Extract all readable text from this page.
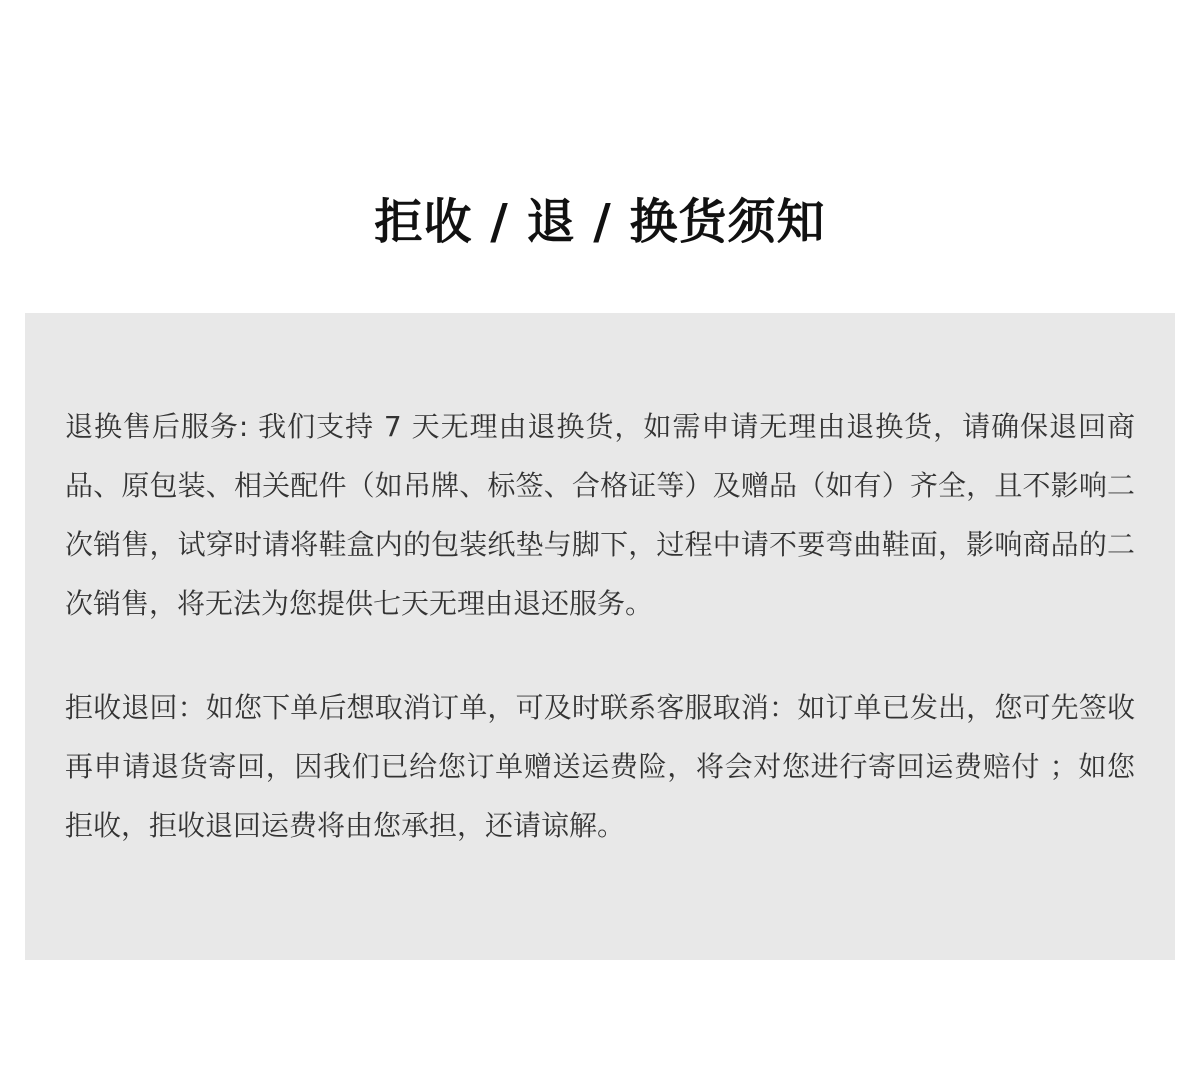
拒收 / 退 / 换货须知

退换售后服务: 我们支持 7 天无理由退换货，如需申请无理由退换货，请确保退回商品、原包装、相关配件（如吊牌、标签、合格证等）及赠品（如有）齐全，且不影响二次销售，试穿时请将鞋盒内的包装纸垫与脚下，过程中请不要弯曲鞋面，影响商品的二次销售，将无法为您提供七天无理由退还服务。

拒收退回：如您下单后想取消订单，可及时联系客服取消：如订单已发出，您可先签收再申请退货寄回，因我们已给您订单赠送运费险，将会对您进行寄回运费赔付 ；如您拒收，拒收退回运费将由您承担，还请谅解。
